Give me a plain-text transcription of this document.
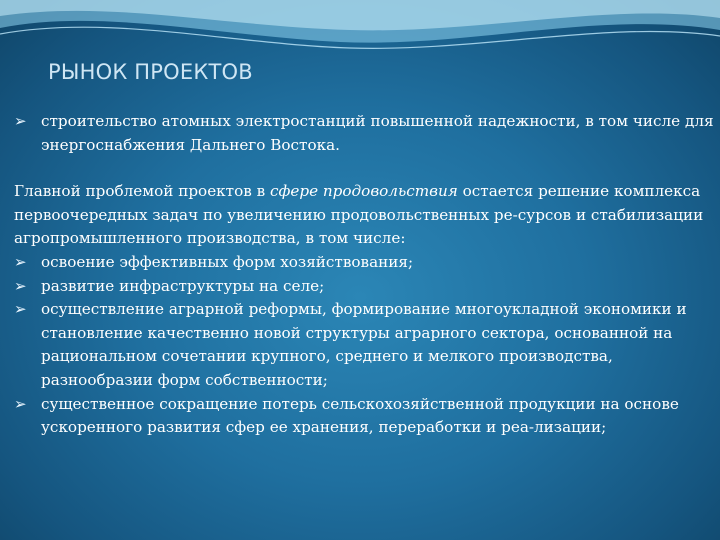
РЫНОК ПРОЕКТОВ
➢ строительство атомных электростанций повышенной надежности, в том числе для энергоснабжения Дальнего Востока.

Главной проблемой проектов в сфере продовольствия остается решение комплекса первоочередных задач по увеличению продовольственных ре-сурсов и стабилизации агропромышленного производства, в том числе:

➢ освоение эффективных форм хозяйствования;
➢ развитие инфраструктуры на селе;
➢ осуществление аграрной реформы, формирование многоукладной экономики и становление качественно новой структуры аграрного сектора, основанной на рациональном сочетании крупного, среднего и мелкого производства, разнообразии форм собственности;
➢ существенное сокращение потерь сельскохозяйственной продукции на основе ускоренного развития сфер ее хранения, переработки и реа-лизации;
